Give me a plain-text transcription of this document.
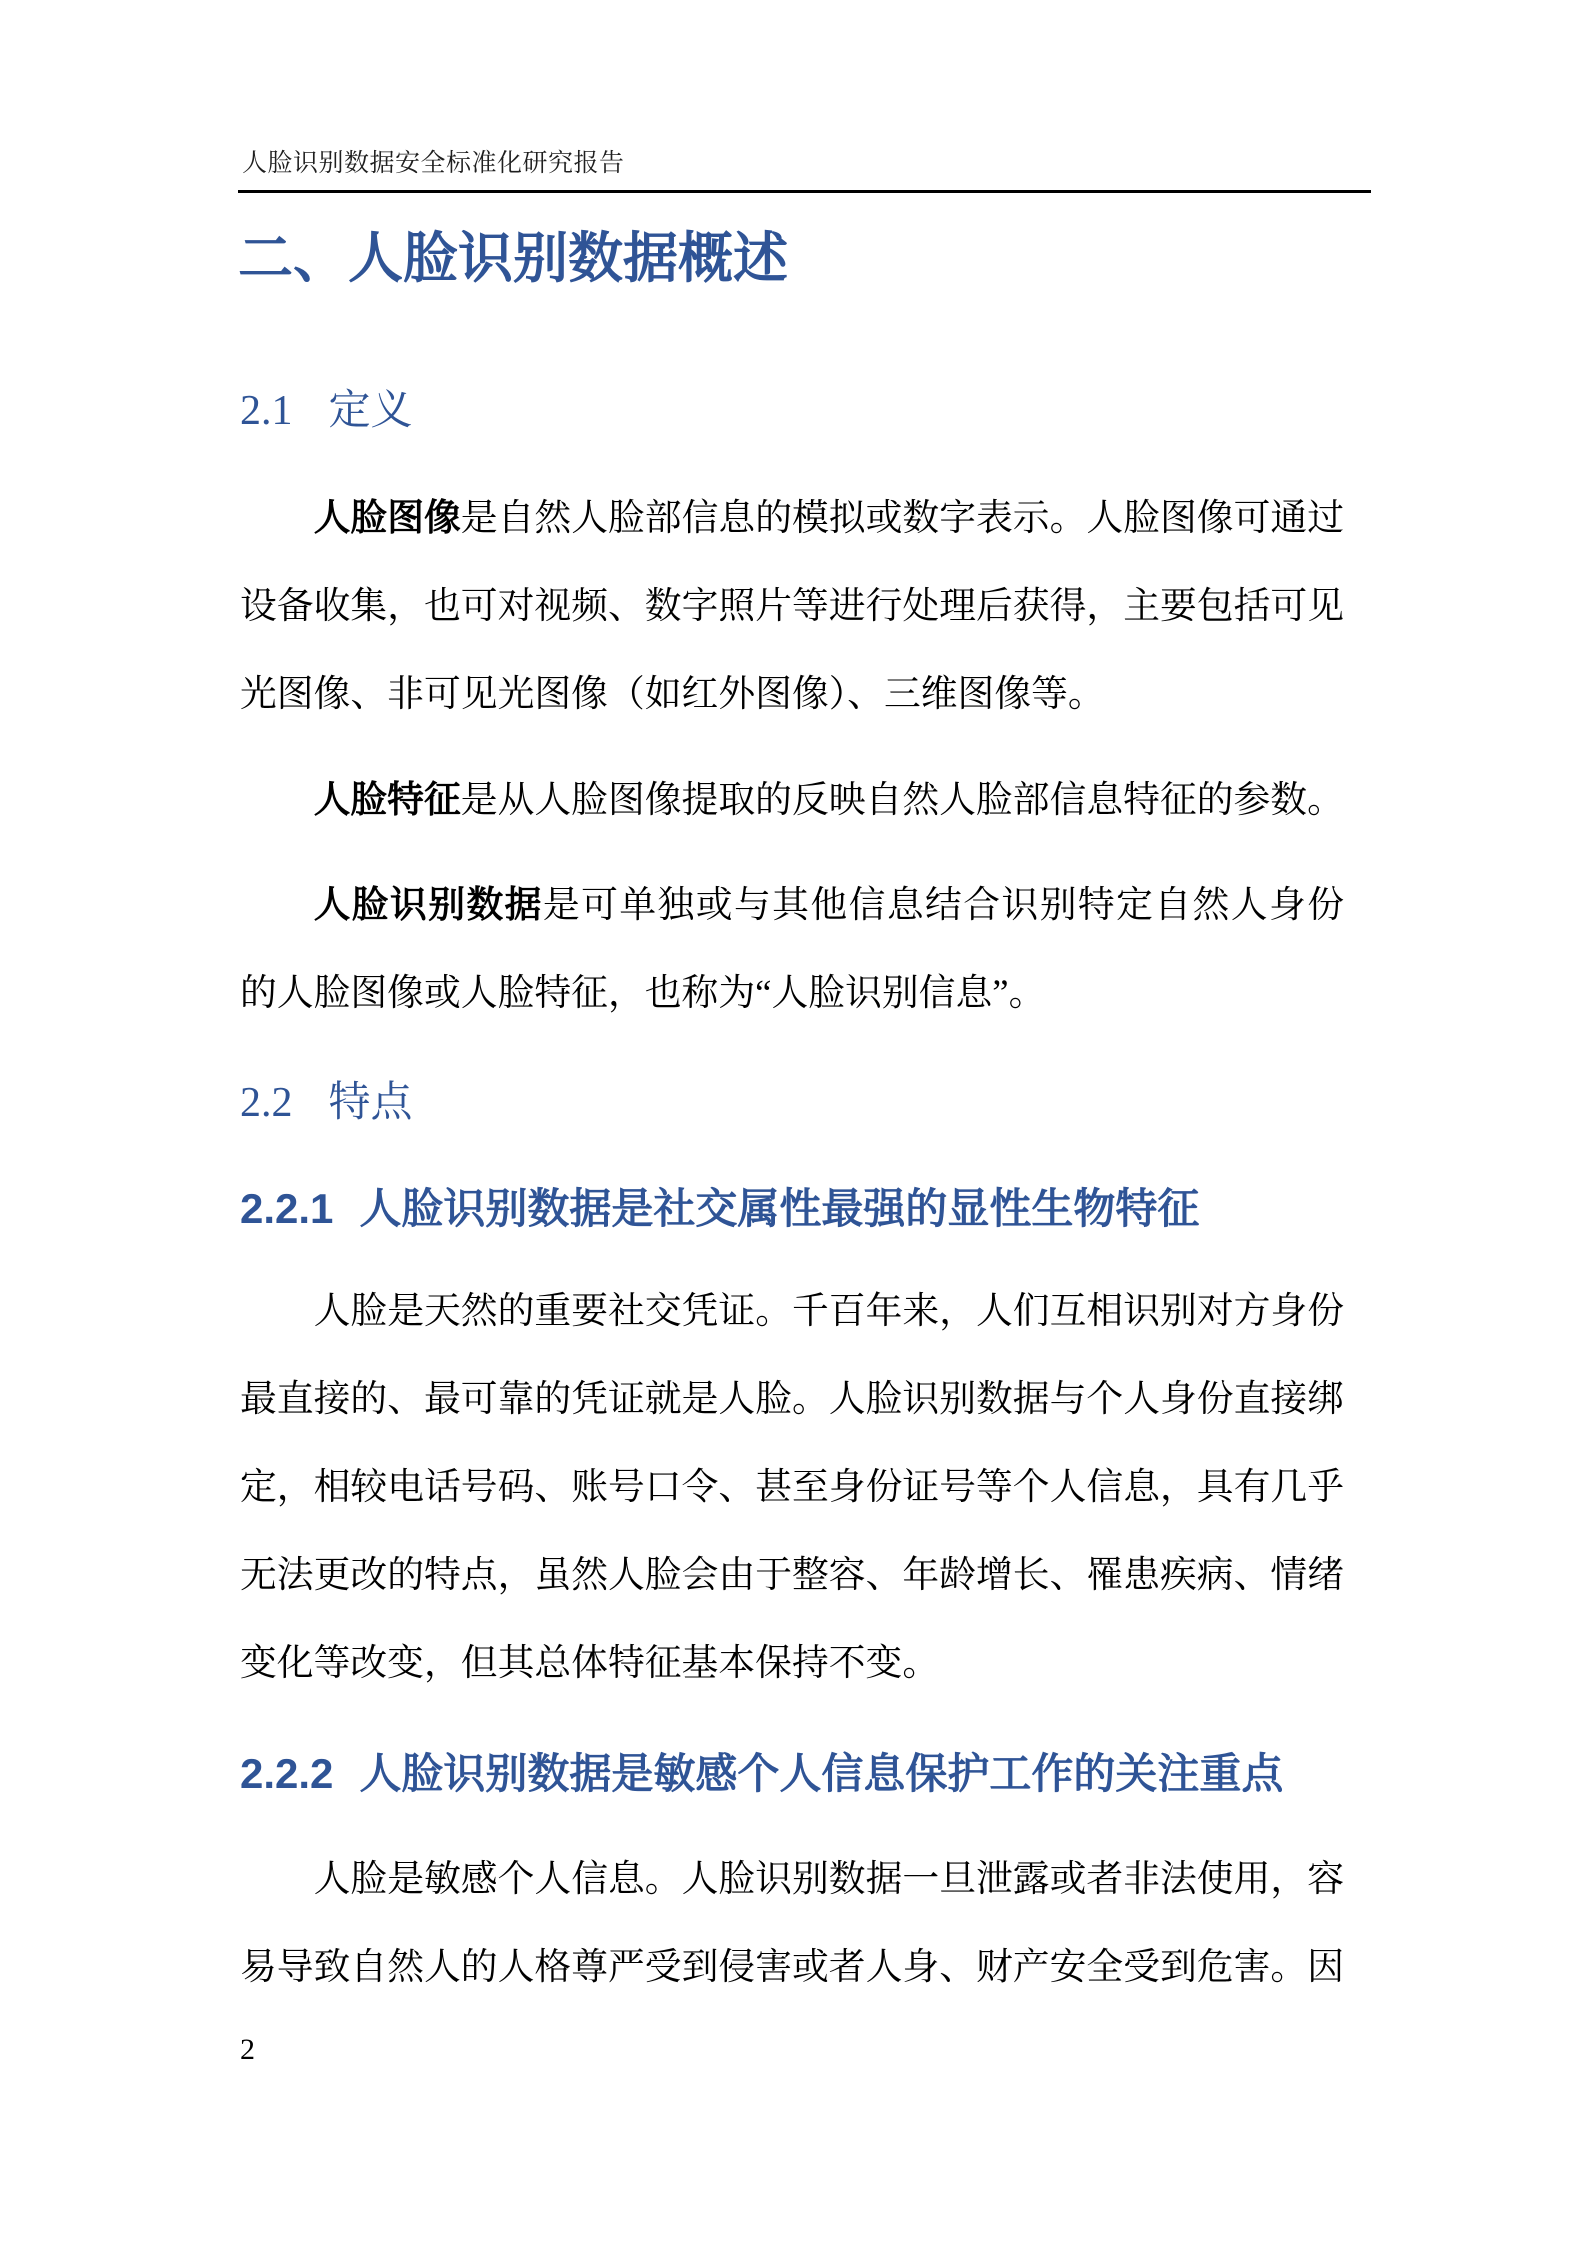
人脸识别数据安全标准化研究报告
二、人脸识别数据概述
2.1 定义
人脸图像是自然人脸部信息的模拟或数字表示。人脸图像可通过
设备收集，也可对视频、数字照片等进行处理后获得，主要包括可见
光图像、非可见光图像（如红外图像）、三维图像等。
人脸特征是从人脸图像提取的反映自然人脸部信息特征的参数。
人脸识别数据是可单独或与其他信息结合识别特定自然人身份
的人脸图像或人脸特征，也称为“人脸识别信息”。
2.2 特点
2.2.1 人脸识别数据是社交属性最强的显性生物特征
人脸是天然的重要社交凭证。千百年来，人们互相识别对方身份
最直接的、最可靠的凭证就是人脸。人脸识别数据与个人身份直接绑
定，相较电话号码、账号口令、甚至身份证号等个人信息，具有几乎
无法更改的特点，虽然人脸会由于整容、年龄增长、罹患疾病、情绪
变化等改变，但其总体特征基本保持不变。
2.2.2 人脸识别数据是敏感个人信息保护工作的关注重点
人脸是敏感个人信息。人脸识别数据一旦泄露或者非法使用，容
易导致自然人的人格尊严受到侵害或者人身、财产安全受到危害。因
2
